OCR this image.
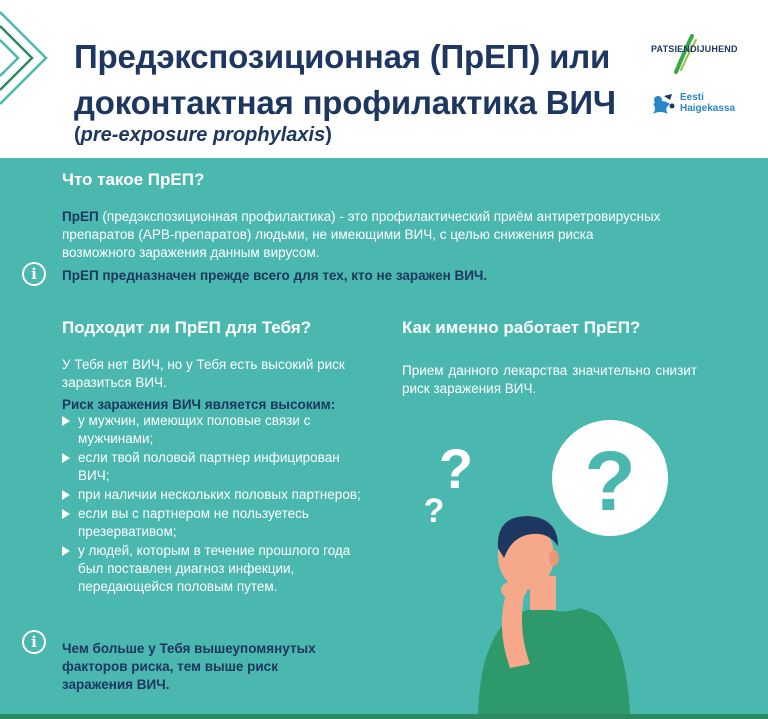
Предэкспозиционная (ПрЕП) или
доконтактная профилактика ВИЧ
(pre-exposure prophylaxis)
PATSIENDIJUHEND
Eesti
Haigekassa
Что такое ПрЕП?
ПрЕП (предэкспозиционная профилактика) - это профилактический приём антиретровирусных препаратов (АРВ-препаратов) людьми, не имеющими ВИЧ, с целью снижения риска возможного заражения данным вирусом.
i	ПрЕП предназначен прежде всего для тех, кто не заражен ВИЧ.
Подходит ли ПрЕП для Тебя?
У Тебя нет ВИЧ, но у Тебя есть высокий риск заразиться ВИЧ.
Риск заражения ВИЧ является высоким:
у мужчин, имеющих половые связи с мужчинами;
если твой половой партнер инфицирован ВИЧ;
при наличии нескольких половых партнеров;
если вы с партнером не пользуетесь презервативом;
у людей, которым в течение прошлого года был поставлен диагноз инфекции, передающейся половым путем.
i	Чем больше у Тебя вышеупомянутых факторов риска, тем выше риск заражения ВИЧ.
Как именно работает ПрЕП?
Прием данного лекарства значительно снизит риск заражения ВИЧ.
?
?
?
